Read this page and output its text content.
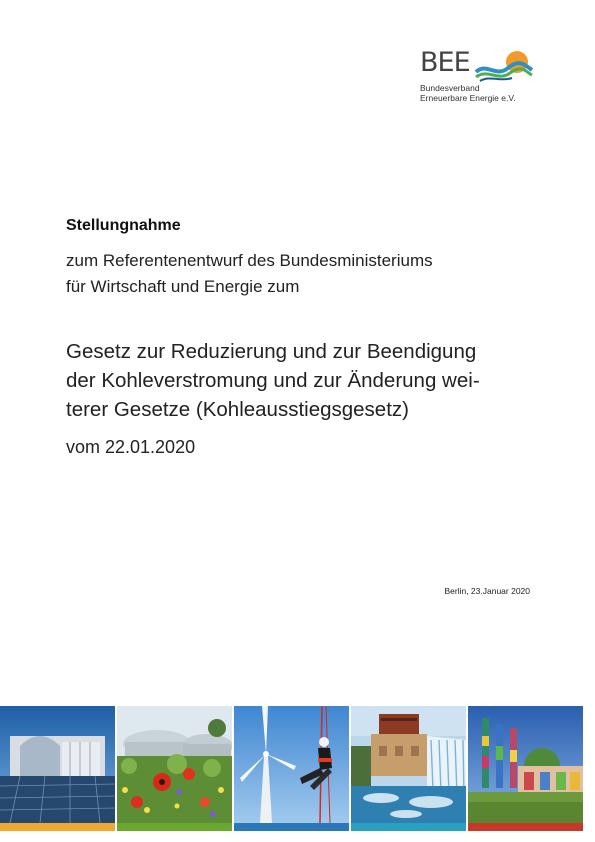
BEE
Bundesverband
Erneuerbare Energie e.V.
Stellungnahme
zum Referentenentwurf des Bundesministeriums
für Wirtschaft und Energie zum
Gesetz zur Reduzierung und zur Beendigung
der Kohleverstromung und zur Änderung wei-
terer Gesetze (Kohleausstiegsgesetz)
vom 22.01.2020
Berlin, 23.Januar 2020
